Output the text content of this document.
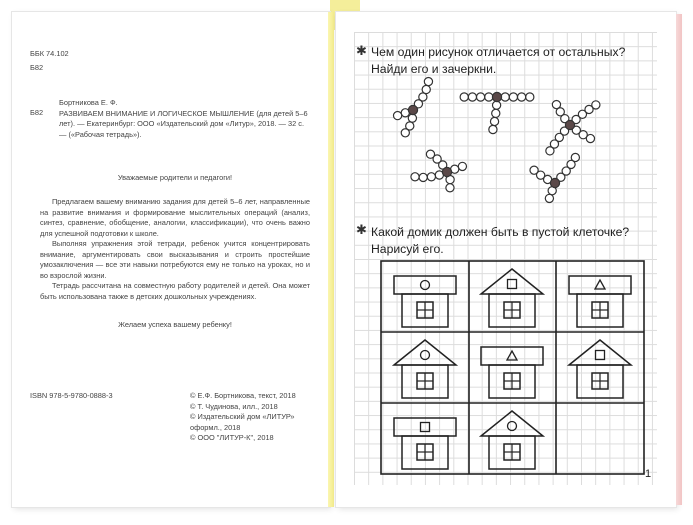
ББК 74.102
Б82
Б82
Бортникова Е. Ф.
РАЗВИВАЕМ ВНИМАНИЕ И ЛОГИЧЕСКОЕ МЫШЛЕНИЕ (для детей 5–6 лет). — Екатеринбург: ООО «Издательский дом «Литур», 2018. — 32 с. — («Рабочая тетрадь»).
Уважаемые родители и педагоги!

Предлагаем вашему вниманию задания для детей 5–6 лет, направленные на развитие внимания и формирование мыслительных операций (анализ, синтез, сравнение, обобщение, аналогии, классификации), что очень важно для успешной подготовки к школе.

Выполняя упражнения этой тетради, ребенок учится концентрировать внимание, аргументировать свои высказывания и строить простейшие умозаключения — все эти навыки потребуются ему не только на уроках, но и во взрослой жизни.

Тетрадь рассчитана на совместную работу родителей и детей. Она может быть использована также в детских дошкольных учреждениях.

Желаем успеха вашему ребенку!
ISBN 978-5-9780-0888-3	© Е.Ф. Бортникова, текст, 2018
© Т. Чудинова, илл., 2018
© Издательский дом «ЛИТУР»
оформл., 2018
© ООО "ЛИТУР-К", 2018
✱ Чем один рисунок отличается от остальных? Найди его и зачеркни.
✱ Какой домик должен быть в пустой клеточке? Нарисуй его.
1
